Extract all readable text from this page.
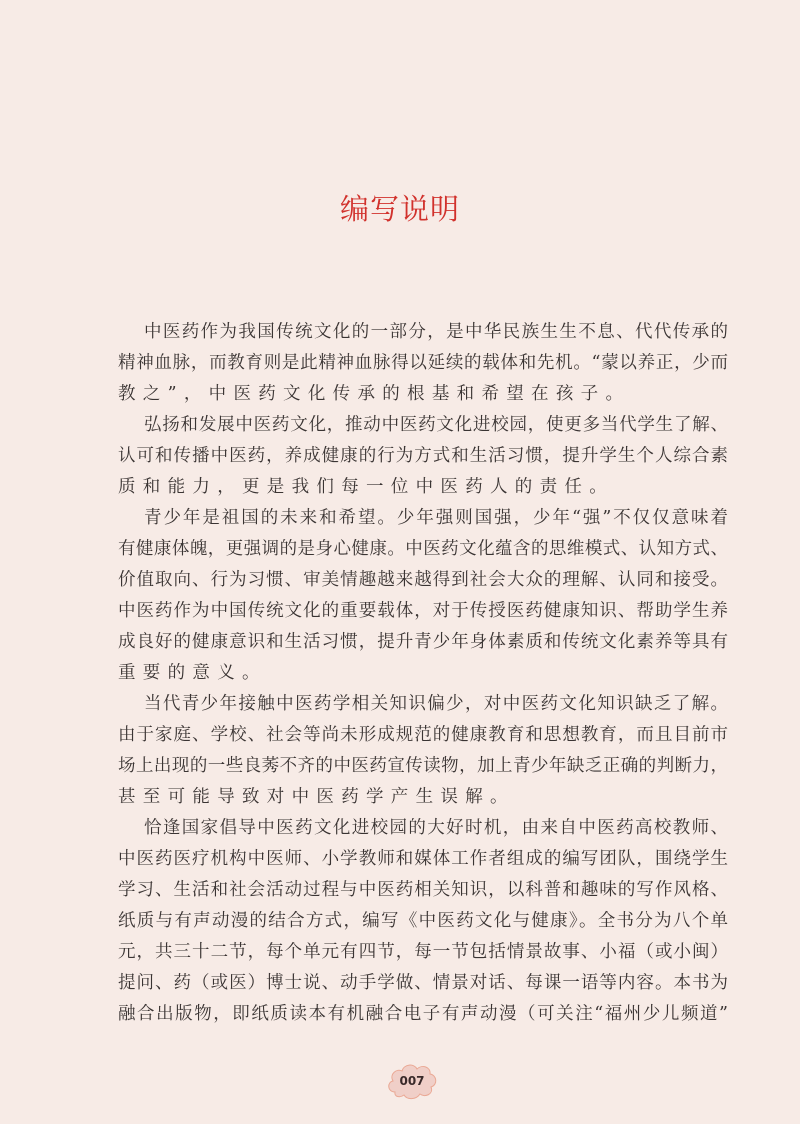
编写说明
中医药作为我国传统文化的一部分，是中华民族生生不息、代代传承的
精神血脉，而教育则是此精神血脉得以延续的载体和先机。“蒙以养正，少而
教之”，中医药文化传承的根基和希望在孩子。
弘扬和发展中医药文化，推动中医药文化进校园，使更多当代学生了解、
认可和传播中医药，养成健康的行为方式和生活习惯，提升学生个人综合素
质和能力，更是我们每一位中医药人的责任。
青少年是祖国的未来和希望。少年强则国强，少年“强”不仅仅意味着
有健康体魄，更强调的是身心健康。中医药文化蕴含的思维模式、认知方式、
价值取向、行为习惯、审美情趣越来越得到社会大众的理解、认同和接受。
中医药作为中国传统文化的重要载体，对于传授医药健康知识、帮助学生养
成良好的健康意识和生活习惯，提升青少年身体素质和传统文化素养等具有
重要的意义。
当代青少年接触中医药学相关知识偏少，对中医药文化知识缺乏了解。
由于家庭、学校、社会等尚未形成规范的健康教育和思想教育，而且目前市
场上出现的一些良莠不齐的中医药宣传读物，加上青少年缺乏正确的判断力，
甚至可能导致对中医药学产生误解。
恰逢国家倡导中医药文化进校园的大好时机，由来自中医药高校教师、
中医药医疗机构中医师、小学教师和媒体工作者组成的编写团队，围绕学生
学习、生活和社会活动过程与中医药相关知识，以科普和趣味的写作风格、
纸质与有声动漫的结合方式，编写《中医药文化与健康》。全书分为八个单
元，共三十二节，每个单元有四节，每一节包括情景故事、小福（或小闽）
提问、药（或医）博士说、动手学做、情景对话、每课一语等内容。本书为
融合出版物，即纸质读本有机融合电子有声动漫（可关注“福州少儿频道”
007
